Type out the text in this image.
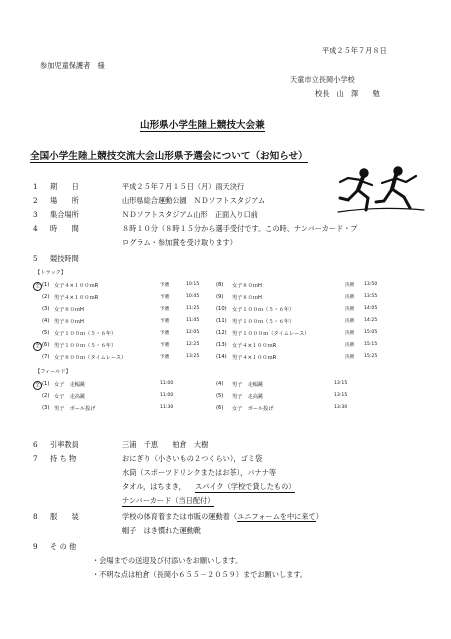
平成２５年７月８日
参加児童保護者　様
天童市立長岡小学校
校長　山　澤　　勉
山形県小学生陸上競技大会兼
全国小学生陸上競技交流大会山形県予選会について（お知らせ）
1 期　　日	平成２５年７月１５日（月）雨天決行
2 場　　所	山形県総合運動公園　ＮＤソフトスタジアム
3 集合場所	ＮＤソフトスタジアム山形　正面入り口前
4 時　　間	８時１０分（８時１５分から選手受付です。この時、ナンバーカード・プ
ログラム・参加賞を受け取ります）
5 競技時間
【トラック】
全 (1) 女子４×１００ｍR	予選	10:15
(2) 男子４×１００ｍR	予選	10:45
(3) 女子８０ｍH	予選	11:25
(4) 男子８０ｍH	予選	11:45
(5) 女子１００ｍ（５・６年）	予選	12:05
全 (6) 男子１００ｍ（５・６年）	予選	12:25
(7) 女子８００ｍ（タイムレース）	予選	13:25
(8) 女子８０ｍH	決勝 13:50
(9) 男子８０ｍH	決勝 13:55
(10) 女子１００ｍ（５・６年）	決勝 14:05
(11) 男子１００ｍ（５・６年）	決勝 14:25
(12) 男子１０００ｍ（タイムレース）	決勝 15:05
(13) 女子４×１００ｍR	決勝 15:15
(14) 男子４×１００ｍR	決勝 15:25
【フィールド】
全 (1) 女子　走幅跳	11:00
(2) 女子　走高跳	11:00
(3) 男子　ボール投げ	11:30
(4) 男子　走幅跳	13:15
(5) 男子　走高跳	13:15
(6) 女子　ボール投げ	13:30
6 引率教員	三浦　千恵　　柏倉　大樹
7 持 ち 物	おにぎり（小さいもの２つくらい），ゴミ袋
水筒（スポーツドリンクまたはお茶），バナナ等
タオル，はちまき， スパイク（学校で貸したもの）
ナンバーカード（当日配付）
8 服　　装	学校の体育着または市販の運動着（ユニフォームを中に来て）
帽子　はき慣れた運動靴
9 そ の 他
・会場までの送迎及び付添いをお願いします。
・不明な点は柏倉（長岡小６５５－２０５９）までお願いします。
